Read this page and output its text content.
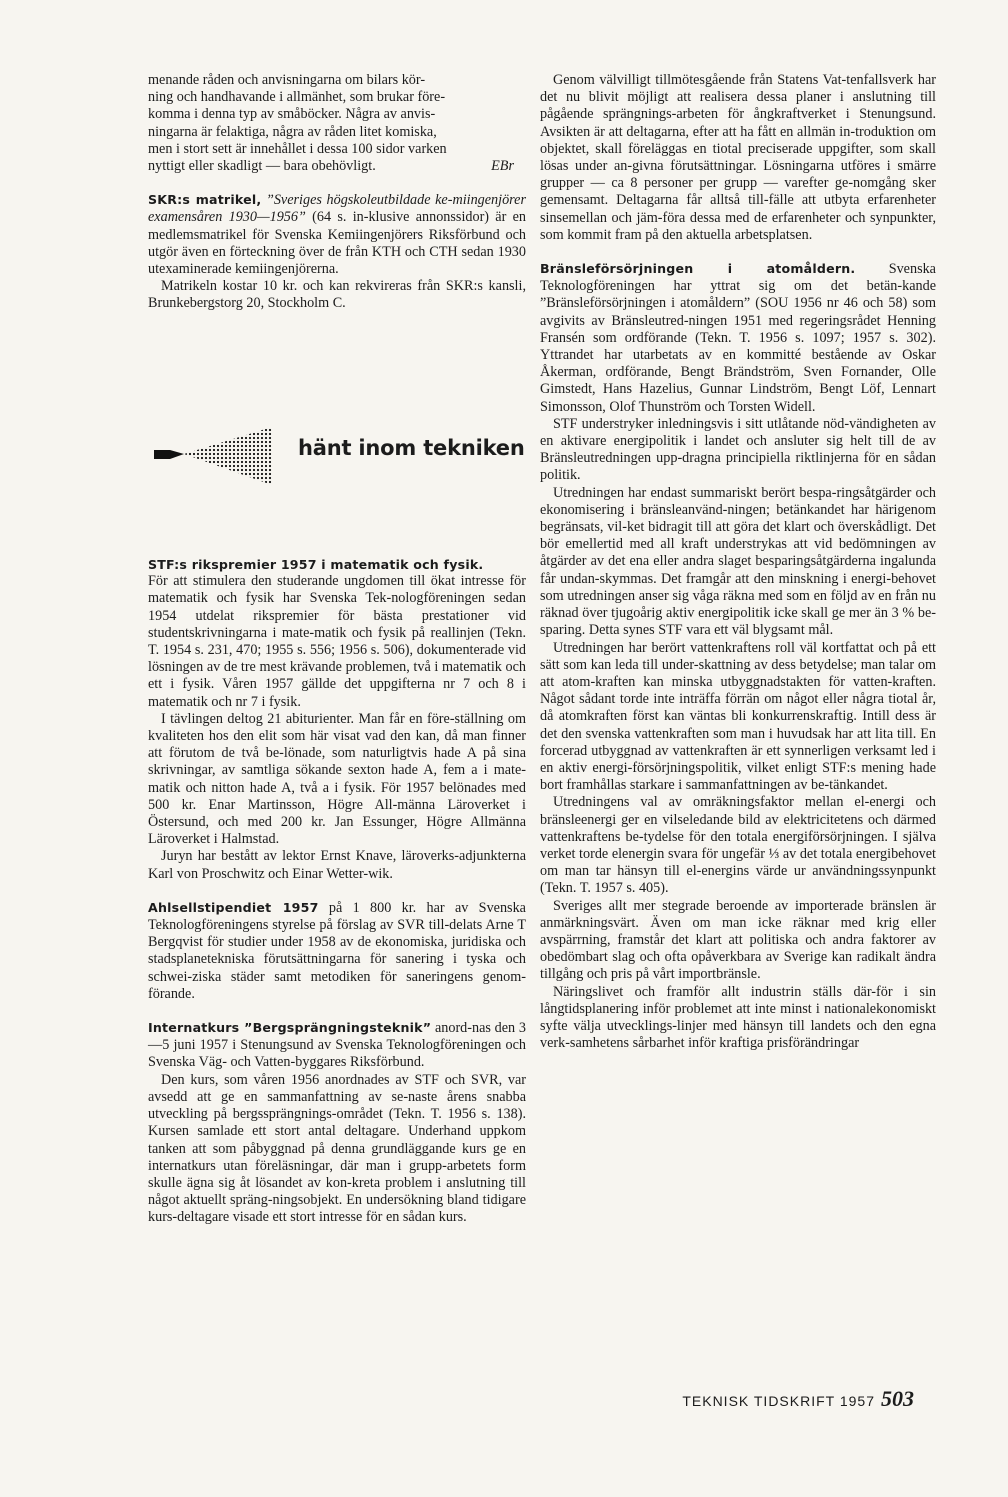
menande råden och anvisningarna om bilars kör-
ning och handhavande i allmänhet, som brukar före-
komma i denna typ av småböcker. Några av anvis-
ningarna är felaktiga, några av råden litet komiska,
men i stort sett är innehållet i dessa 100 sidor varken
nyttigt eller skadligt — bara obehövligt.	EBr

SKR:s matrikel, ”Sveriges högskoleutbildade ke-miingenjörer examensåren 1930—1956” (64 s. in-klusive annonssidor) är en medlemsmatrikel för Svenska Kemiingenjörers Riksförbund och utgör även en förteckning över de från KTH och CTH sedan 1930 utexaminerade kemiingenjörerna.

Matrikeln kostar 10 kr. och kan rekvireras från SKR:s kansli, Brunkebergstorg 20, Stockholm C.

hänt inom tekniken
STF:s rikspremier 1957 i matematik och fysik.

För att stimulera den studerande ungdomen till ökat intresse för matematik och fysik har Svenska Tek-nologföreningen sedan 1954 utdelat rikspremier för bästa prestationer vid studentskrivningarna i mate-matik och fysik på reallinjen (Tekn. T. 1954 s. 231, 470; 1955 s. 556; 1956 s. 506), dokumenterade vid lösningen av de tre mest krävande problemen, två i matematik och ett i fysik. Våren 1957 gällde det uppgifterna nr 7 och 8 i matematik och nr 7 i fysik.

I tävlingen deltog 21 abiturienter. Man får en före-ställning om kvaliteten hos den elit som här visat vad den kan, då man finner att förutom de två be-lönade, som naturligtvis hade A på sina skrivningar, av samtliga sökande sexton hade A, fem a i mate-matik och nitton hade A, två a i fysik. För 1957 belönades med 500 kr. Enar Martinsson, Högre All-männa Läroverket i Östersund, och med 200 kr. Jan Essunger, Högre Allmänna Läroverket i Halmstad.

Juryn har bestått av lektor Ernst Knave, läroverks-adjunkterna Karl von Proschwitz och Einar Wetter-wik.

Ahlsellstipendiet 1957 på 1 800 kr. har av Svenska Teknologföreningens styrelse på förslag av SVR till-delats Arne T Bergqvist för studier under 1958 av de ekonomiska, juridiska och stadsplanetekniska förutsättningarna för sanering i tyska och schwei-ziska städer samt metodiken för saneringens genom-förande.

Internatkurs ”Bergsprängningsteknik” anord-nas den 3—5 juni 1957 i Stenungsund av Svenska Teknologföreningen och Svenska Väg- och Vatten-byggares Riksförbund.

Den kurs, som våren 1956 anordnades av STF och SVR, var avsedd att ge en sammanfattning av se-naste årens snabba utveckling på bergssprängnings-området (Tekn. T. 1956 s. 138). Kursen samlade ett stort antal deltagare. Underhand uppkom tanken att som påbyggnad på denna grundläggande kurs ge en internatkurs utan föreläsningar, där man i grupp-arbetets form skulle ägna sig åt lösandet av kon-kreta problem i anslutning till något aktuellt spräng-ningsobjekt. En undersökning bland tidigare kurs-deltagare visade ett stort intresse för en sådan kurs.

Genom välvilligt tillmötesgående från Statens Vat-tenfallsverk har det nu blivit möjligt att realisera dessa planer i anslutning till pågående sprängnings-arbeten för ångkraftverket i Stenungsund. Avsikten är att deltagarna, efter att ha fått en allmän in-troduktion om objektet, skall föreläggas en tiotal preciserade uppgifter, som skall lösas under an-givna förutsättningar. Lösningarna utföres i smärre grupper — ca 8 personer per grupp — varefter ge-nomgång sker gemensamt. Deltagarna får alltså till-fälle att utbyta erfarenheter sinsemellan och jäm-föra dessa med de erfarenheter och synpunkter, som kommit fram på den aktuella arbetsplatsen.

Bränsleförsörjningen i atomåldern. Svenska Teknologföreningen har yttrat sig om det betän-kande ”Bränsleförsörjningen i atomåldern” (SOU 1956 nr 46 och 58) som avgivits av Bränsleutred-ningen 1951 med regeringsrådet Henning Fransén som ordförande (Tekn. T. 1956 s. 1097; 1957 s. 302). Yttrandet har utarbetats av en kommitté bestående av Oskar Åkerman, ordförande, Bengt Brändström, Sven Fornander, Olle Gimstedt, Hans Hazelius, Gunnar Lindström, Bengt Löf, Lennart Simonsson, Olof Thunström och Torsten Widell.

STF understryker inledningsvis i sitt utlåtande nöd-vändigheten av en aktivare energipolitik i landet och ansluter sig helt till de av Bränsleutredningen upp-dragna principiella riktlinjerna för en sådan politik.

Utredningen har endast summariskt berört bespa-ringsåtgärder och ekonomisering i bränsleanvänd-ningen; betänkandet har härigenom begränsats, vil-ket bidragit till att göra det klart och överskådligt. Det bör emellertid med all kraft understrykas att vid bedömningen av åtgärder av det ena eller andra slaget besparingsåtgärderna ingalunda får undan-skymmas. Det framgår att den minskning i energi-behovet som utredningen anser sig våga räkna med som en följd av en från nu räknad över tjugoårig aktiv energipolitik icke skall ge mer än 3 % be-sparing. Detta synes STF vara ett väl blygsamt mål.

Utredningen har berört vattenkraftens roll väl kortfattat och på ett sätt som kan leda till under-skattning av dess betydelse; man talar om att atom-kraften kan minska utbyggnadstakten för vatten-kraften. Något sådant torde inte inträffa förrän om något eller några tiotal år, då atomkraften först kan väntas bli konkurrenskraftig. Intill dess är det den svenska vattenkraften som man i huvudsak har att lita till. En forcerad utbyggnad av vattenkraften är ett synnerligen verksamt led i en aktiv energi-försörjningspolitik, vilket enligt STF:s mening hade bort framhållas starkare i sammanfattningen av be-tänkandet.

Utredningens val av omräkningsfaktor mellan el-energi och bränsleenergi ger en vilseledande bild av elektricitetens och därmed vattenkraftens be-tydelse för den totala energiförsörjningen. I själva verket torde elenergin svara för ungefär ⅓ av det totala energibehovet om man tar hänsyn till el-energins värde ur användningssynpunkt (Tekn. T. 1957 s. 405).

Sveriges allt mer stegrade beroende av importerade bränslen är anmärkningsvärt. Även om man icke räknar med krig eller avspärrning, framstår det klart att politiska och andra faktorer av obedömbart slag och ofta opåverkbara av Sverige kan radikalt ändra tillgång och pris på vårt importbränsle.

Näringslivet och framför allt industrin ställs där-för i sin långtidsplanering inför problemet att inte minst i nationalekonomiskt syfte välja utvecklings-linjer med hänsyn till landets och den egna verk-samhetens sårbarhet inför kraftiga prisförändringar

TEKNISK TIDSKRIFT 1957 503
